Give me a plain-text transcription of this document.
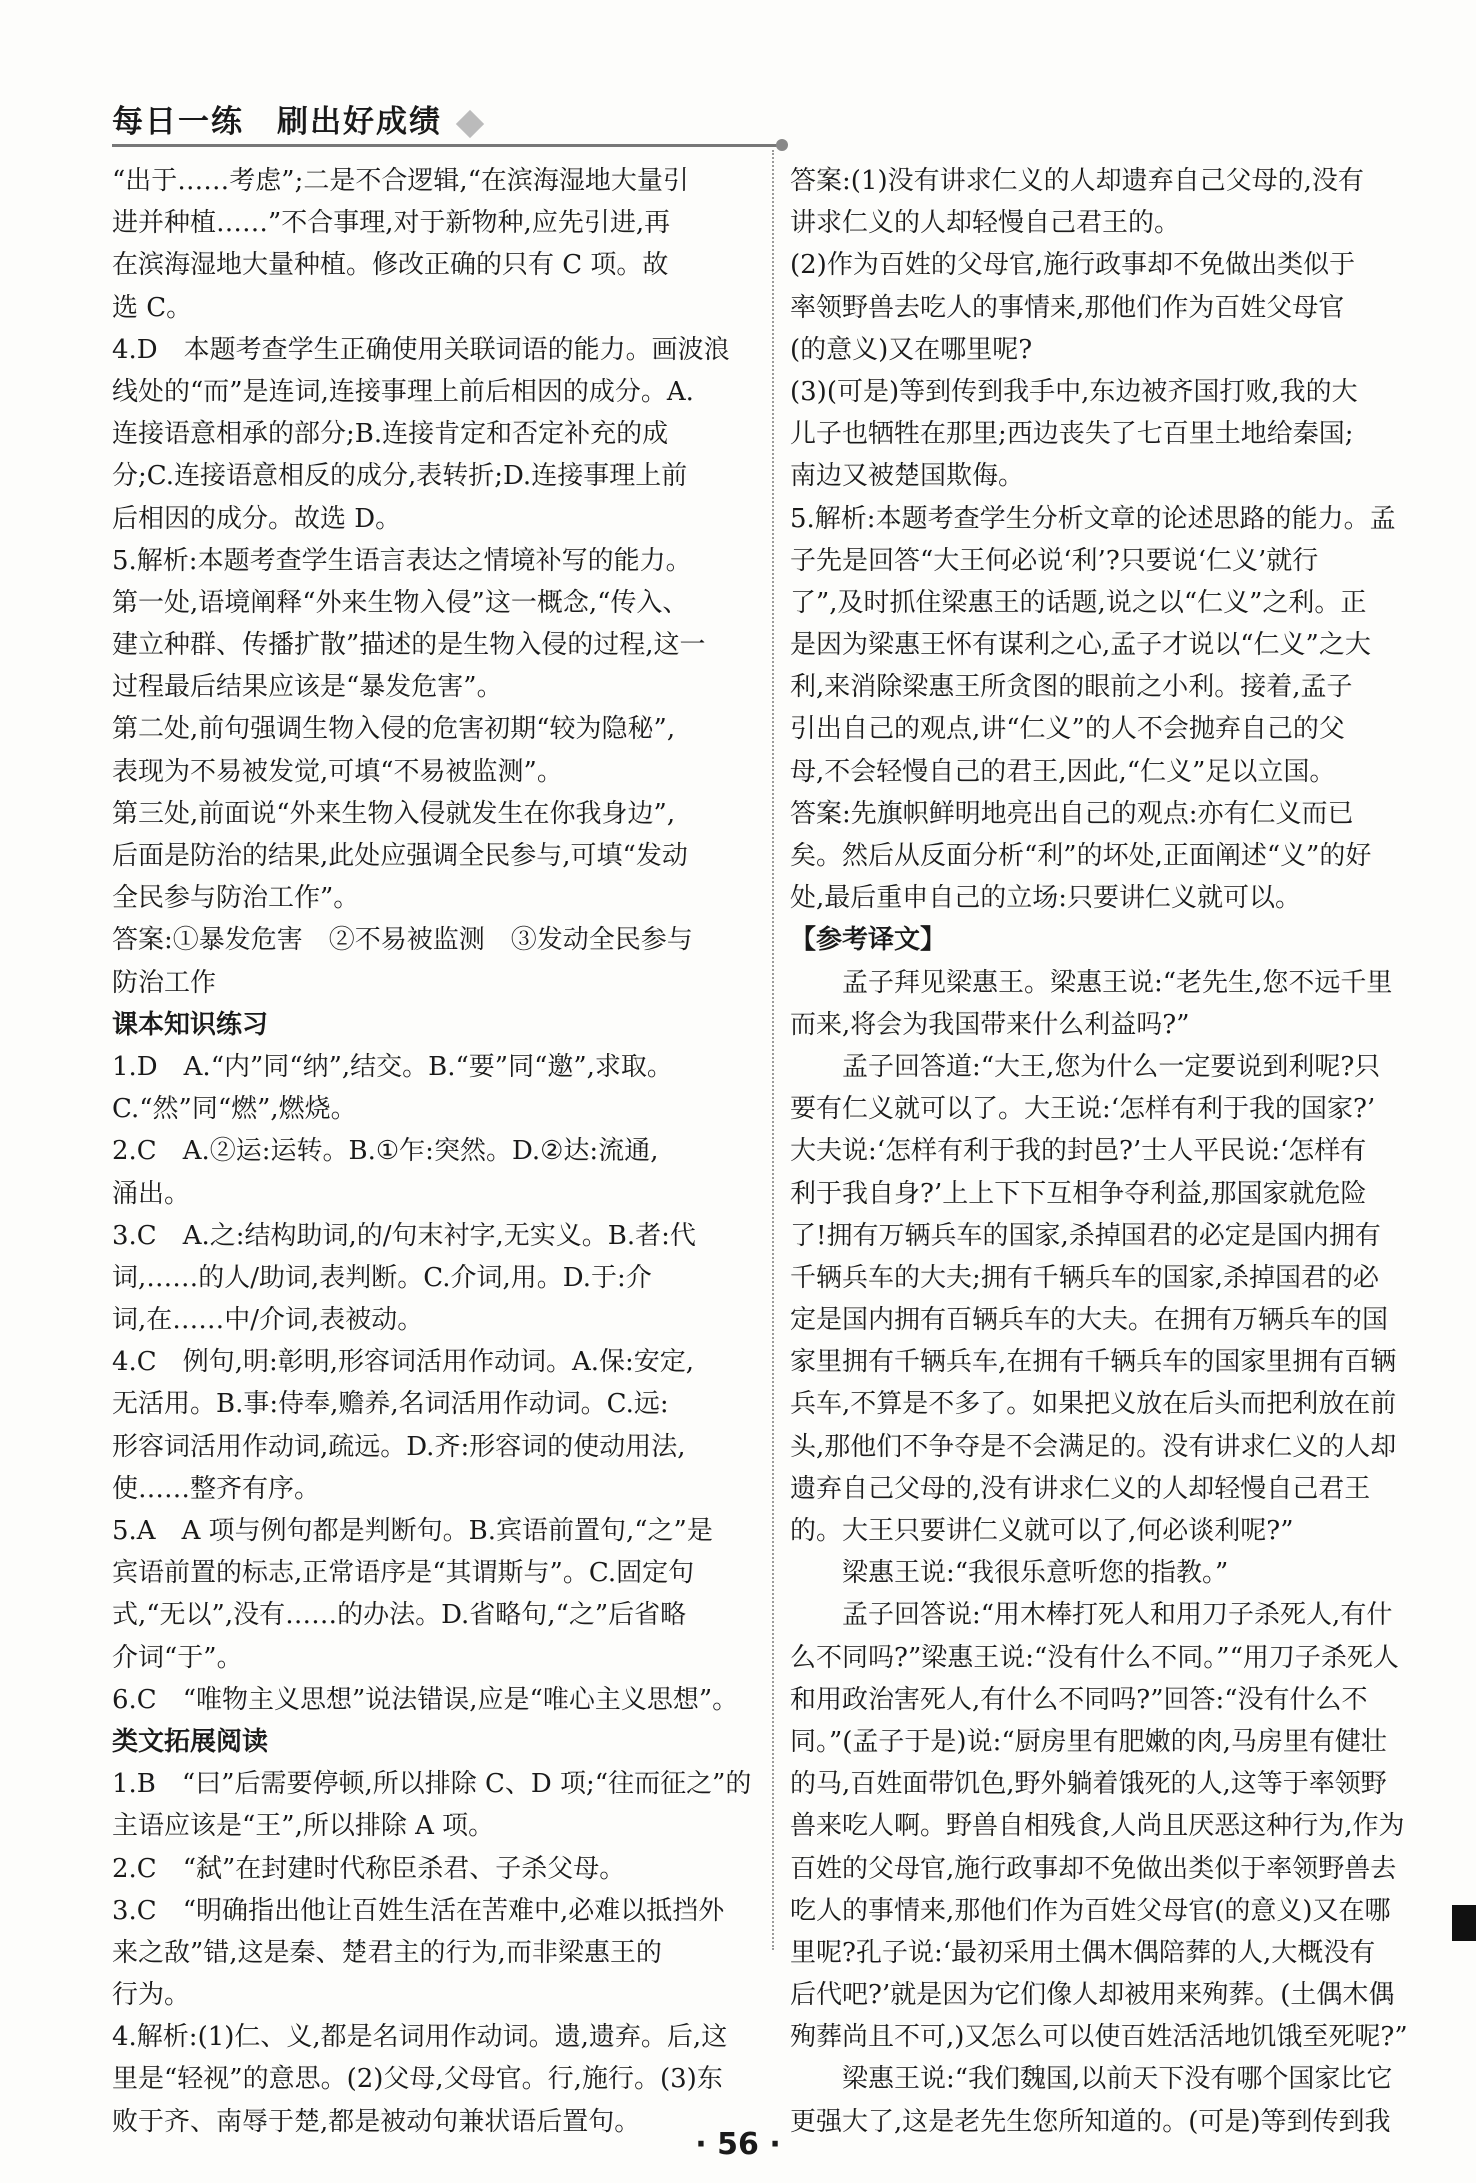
每日一练　刷出好成绩
“出于……考虑”;二是不合逻辑,“在滨海湿地大量引
进并种植……”不合事理,对于新物种,应先引进,再
在滨海湿地大量种植。修改正确的只有 C 项。故
选 C。
4.D　本题考查学生正确使用关联词语的能力。画波浪
线处的“而”是连词,连接事理上前后相因的成分。A.
连接语意相承的部分;B.连接肯定和否定补充的成
分;C.连接语意相反的成分,表转折;D.连接事理上前
后相因的成分。故选 D。
5.解析:本题考查学生语言表达之情境补写的能力。
第一处,语境阐释“外来生物入侵”这一概念,“传入、
建立种群、传播扩散”描述的是生物入侵的过程,这一
过程最后结果应该是“暴发危害”。
第二处,前句强调生物入侵的危害初期“较为隐秘”,
表现为不易被发觉,可填“不易被监测”。
第三处,前面说“外来生物入侵就发生在你我身边”,
后面是防治的结果,此处应强调全民参与,可填“发动
全民参与防治工作”。
答案:①暴发危害　②不易被监测　③发动全民参与
防治工作
课本知识练习
1.D　A.“内”同“纳”,结交。B.“要”同“邀”,求取。
C.“然”同“燃”,燃烧。
2.C　A.②运:运转。B.①乍:突然。D.②达:流通,
涌出。
3.C　A.之:结构助词,的/句末衬字,无实义。B.者:代
词,……的人/助词,表判断。C.介词,用。D.于:介
词,在……中/介词,表被动。
4.C　例句,明:彰明,形容词活用作动词。A.保:安定,
无活用。B.事:侍奉,赡养,名词活用作动词。C.远:
形容词活用作动词,疏远。D.齐:形容词的使动用法,
使……整齐有序。
5.A　A 项与例句都是判断句。B.宾语前置句,“之”是
宾语前置的标志,正常语序是“其谓斯与”。C.固定句
式,“无以”,没有……的办法。D.省略句,“之”后省略
介词“于”。
6.C　“唯物主义思想”说法错误,应是“唯心主义思想”。
类文拓展阅读
1.B　“曰”后需要停顿,所以排除 C、D 项;“往而征之”的
主语应该是“王”,所以排除 A 项。
2.C　“弑”在封建时代称臣杀君、子杀父母。
3.C　“明确指出他让百姓生活在苦难中,必难以抵挡外
来之敌”错,这是秦、楚君主的行为,而非梁惠王的
行为。
4.解析:(1)仁、义,都是名词用作动词。遗,遗弃。后,这
里是“轻视”的意思。(2)父母,父母官。行,施行。(3)东
败于齐、南辱于楚,都是被动句兼状语后置句。
答案:(1)没有讲求仁义的人却遗弃自己父母的,没有
讲求仁义的人却轻慢自己君王的。
(2)作为百姓的父母官,施行政事却不免做出类似于
率领野兽去吃人的事情来,那他们作为百姓父母官
(的意义)又在哪里呢?
(3)(可是)等到传到我手中,东边被齐国打败,我的大
儿子也牺牲在那里;西边丧失了七百里土地给秦国;
南边又被楚国欺侮。
5.解析:本题考查学生分析文章的论述思路的能力。孟
子先是回答“大王何必说‘利’?只要说‘仁义’就行
了”,及时抓住梁惠王的话题,说之以“仁义”之利。正
是因为梁惠王怀有谋利之心,孟子才说以“仁义”之大
利,来消除梁惠王所贪图的眼前之小利。接着,孟子
引出自己的观点,讲“仁义”的人不会抛弃自己的父
母,不会轻慢自己的君王,因此,“仁义”足以立国。
答案:先旗帜鲜明地亮出自己的观点:亦有仁义而已
矣。然后从反面分析“利”的坏处,正面阐述“义”的好
处,最后重申自己的立场:只要讲仁义就可以。
【参考译文】
　　孟子拜见梁惠王。梁惠王说:“老先生,您不远千里
而来,将会为我国带来什么利益吗?”
　　孟子回答道:“大王,您为什么一定要说到利呢?只
要有仁义就可以了。大王说:‘怎样有利于我的国家?’
大夫说:‘怎样有利于我的封邑?’士人平民说:‘怎样有
利于我自身?’上上下下互相争夺利益,那国家就危险
了!拥有万辆兵车的国家,杀掉国君的必定是国内拥有
千辆兵车的大夫;拥有千辆兵车的国家,杀掉国君的必
定是国内拥有百辆兵车的大夫。在拥有万辆兵车的国
家里拥有千辆兵车,在拥有千辆兵车的国家里拥有百辆
兵车,不算是不多了。如果把义放在后头而把利放在前
头,那他们不争夺是不会满足的。没有讲求仁义的人却
遗弃自己父母的,没有讲求仁义的人却轻慢自己君王
的。大王只要讲仁义就可以了,何必谈利呢?”
　　梁惠王说:“我很乐意听您的指教。”
　　孟子回答说:“用木棒打死人和用刀子杀死人,有什
么不同吗?”梁惠王说:“没有什么不同。”“用刀子杀死人
和用政治害死人,有什么不同吗?”回答:“没有什么不
同。”(孟子于是)说:“厨房里有肥嫩的肉,马房里有健壮
的马,百姓面带饥色,野外躺着饿死的人,这等于率领野
兽来吃人啊。野兽自相残食,人尚且厌恶这种行为,作为
百姓的父母官,施行政事却不免做出类似于率领野兽去
吃人的事情来,那他们作为百姓父母官(的意义)又在哪
里呢?孔子说:‘最初采用土偶木偶陪葬的人,大概没有
后代吧?’就是因为它们像人却被用来殉葬。(土偶木偶
殉葬尚且不可,)又怎么可以使百姓活活地饥饿至死呢?”
　　梁惠王说:“我们魏国,以前天下没有哪个国家比它
更强大了,这是老先生您所知道的。(可是)等到传到我
· 56 ·
